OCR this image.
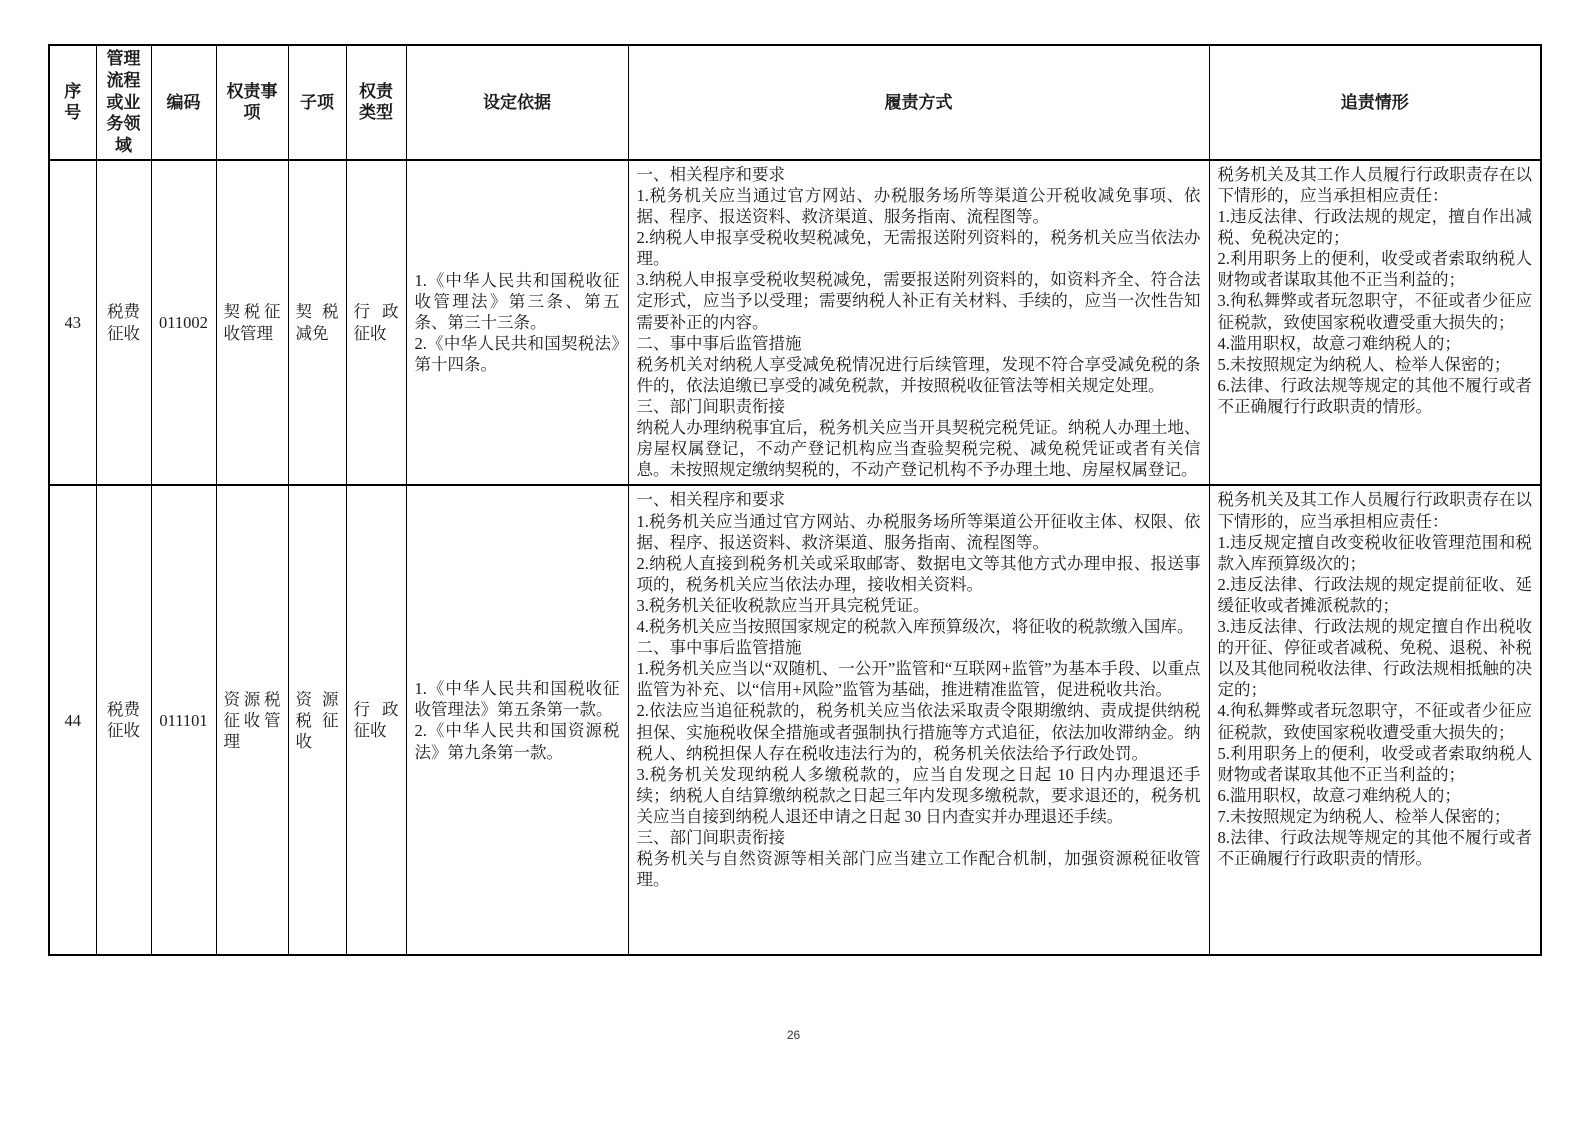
序号	管理流程或业务领域	编码	权责事项	子项	权责类型	设定依据	履责方式	追责情形
43	税费征收	011002	契税征收管理	契税减免	行政征收	1.《中华人民共和国税收征收管理法》第三条、第五条、第三十三条。
2.《中华人民共和国契税法》第十四条。	一、相关程序和要求
1.税务机关应当通过官方网站、办税服务场所等渠道公开税收减免事项、依据、程序、报送资料、救济渠道、服务指南、流程图等。
2.纳税人申报享受税收契税减免，无需报送附列资料的，税务机关应当依法办理。
3.纳税人申报享受税收契税减免，需要报送附列资料的，如资料齐全、符合法定形式，应当予以受理；需要纳税人补正有关材料、手续的，应当一次性告知需要补正的内容。
二、事中事后监管措施
税务机关对纳税人享受减免税情况进行后续管理，发现不符合享受减免税的条件的，依法追缴已享受的减免税款，并按照税收征管法等相关规定处理。
三、部门间职责衔接
纳税人办理纳税事宜后，税务机关应当开具契税完税凭证。纳税人办理土地、房屋权属登记，不动产登记机构应当查验契税完税、减免税凭证或者有关信息。未按照规定缴纳契税的，不动产登记机构不予办理土地、房屋权属登记。	税务机关及其工作人员履行行政职责存在以下情形的，应当承担相应责任：
1.违反法律、行政法规的规定，擅自作出减税、免税决定的；
2.利用职务上的便利，收受或者索取纳税人财物或者谋取其他不正当利益的；
3.徇私舞弊或者玩忽职守，不征或者少征应征税款，致使国家税收遭受重大损失的；
4.滥用职权，故意刁难纳税人的；
5.未按照规定为纳税人、检举人保密的；
6.法律、行政法规等规定的其他不履行或者不正确履行行政职责的情形。
44	税费征收	011101	资源税征收管理	资源税征收	行政征收	1.《中华人民共和国税收征收管理法》第五条第一款。
2.《中华人民共和国资源税法》第九条第一款。	一、相关程序和要求
1.税务机关应当通过官方网站、办税服务场所等渠道公开征收主体、权限、依据、程序、报送资料、救济渠道、服务指南、流程图等。
2.纳税人直接到税务机关或采取邮寄、数据电文等其他方式办理申报、报送事项的，税务机关应当依法办理，接收相关资料。
3.税务机关征收税款应当开具完税凭证。
4.税务机关应当按照国家规定的税款入库预算级次，将征收的税款缴入国库。
二、事中事后监管措施
1.税务机关应当以“双随机、一公开”监管和“互联网+监管”为基本手段、以重点监管为补充、以“信用+风险”监管为基础，推进精准监管，促进税收共治。
2.依法应当追征税款的，税务机关应当依法采取责令限期缴纳、责成提供纳税担保、实施税收保全措施或者强制执行措施等方式追征，依法加收滞纳金。纳税人、纳税担保人存在税收违法行为的，税务机关依法给予行政处罚。
3.税务机关发现纳税人多缴税款的，应当自发现之日起 10 日内办理退还手续；纳税人自结算缴纳税款之日起三年内发现多缴税款，要求退还的，税务机关应当自接到纳税人退还申请之日起 30 日内查实并办理退还手续。
三、部门间职责衔接
税务机关与自然资源等相关部门应当建立工作配合机制，加强资源税征收管理。	税务机关及其工作人员履行行政职责存在以下情形的，应当承担相应责任：
1.违反规定擅自改变税收征收管理范围和税款入库预算级次的；
2.违反法律、行政法规的规定提前征收、延缓征收或者摊派税款的；
3.违反法律、行政法规的规定擅自作出税收的开征、停征或者减税、免税、退税、补税以及其他同税收法律、行政法规相抵触的决定的；
4.徇私舞弊或者玩忽职守，不征或者少征应征税款，致使国家税收遭受重大损失的；
5.利用职务上的便利，收受或者索取纳税人财物或者谋取其他不正当利益的；
6.滥用职权，故意刁难纳税人的；
7.未按照规定为纳税人、检举人保密的；
8.法律、行政法规等规定的其他不履行或者不正确履行行政职责的情形。
26
